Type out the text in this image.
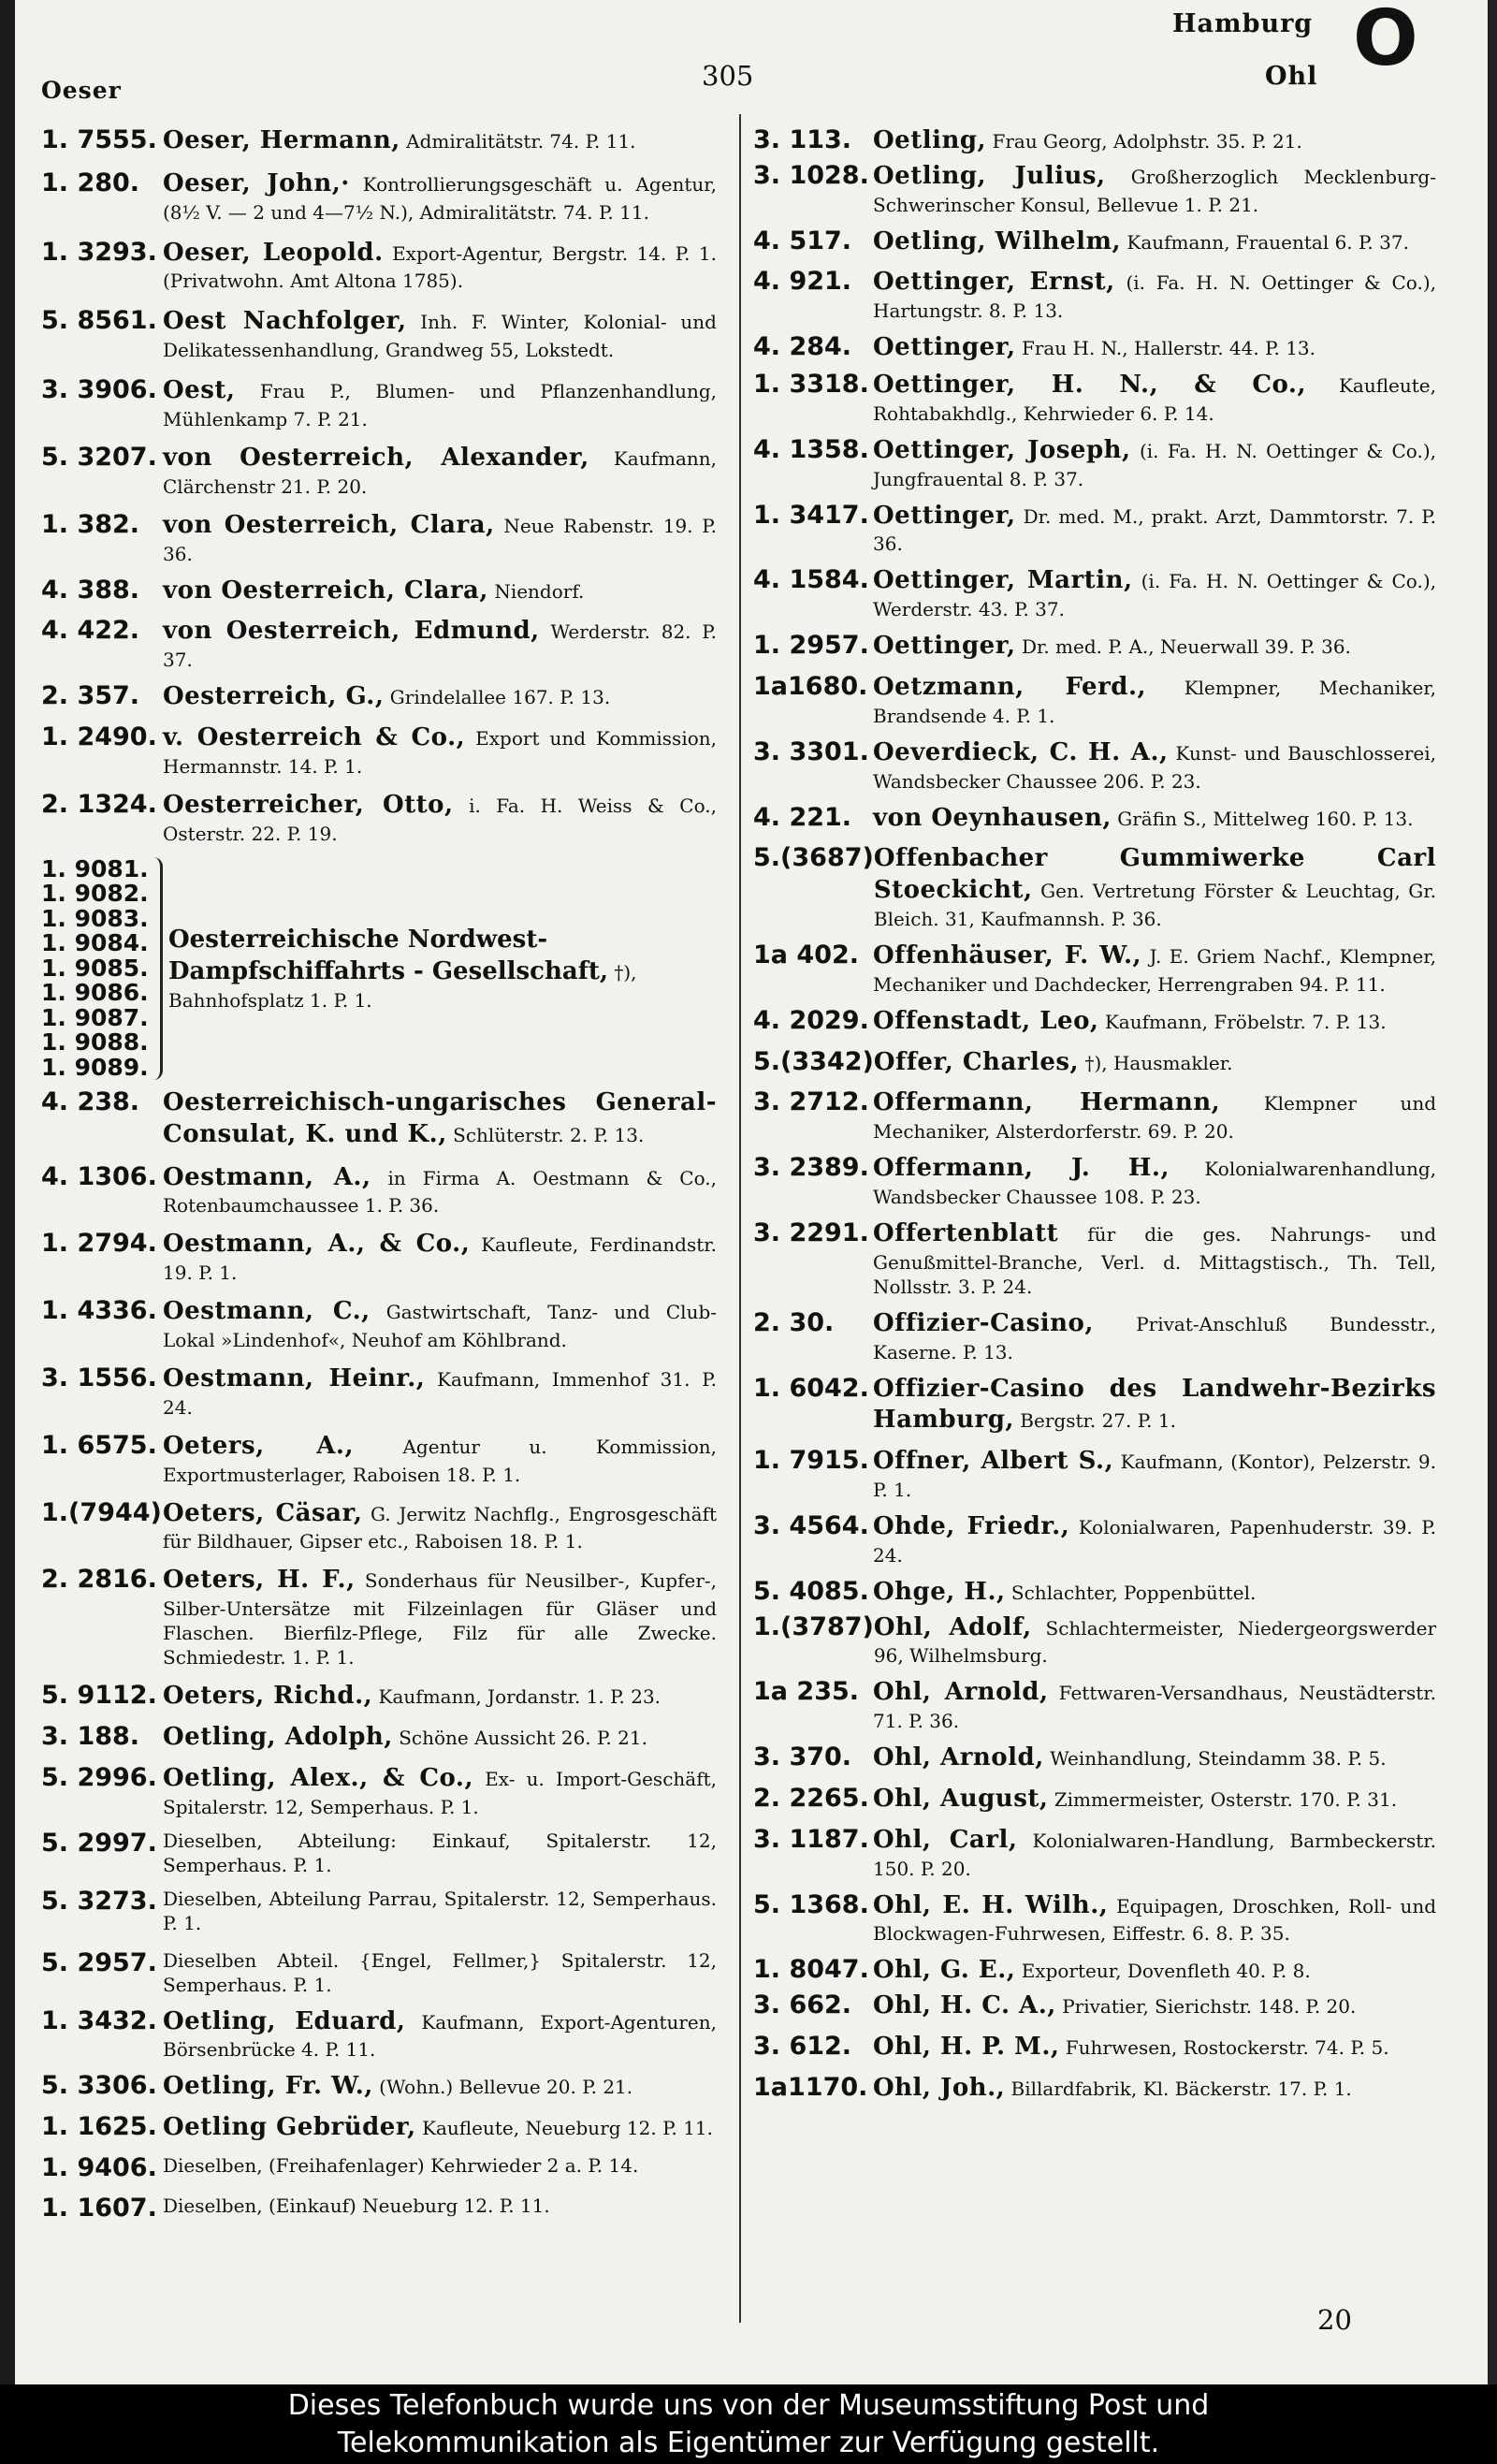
Oeser	305
Hamburg
Ohl O
1. 7555. Oeser, Hermann, Admiralitätstr. 74. P. 11.
1. 280. Oeser, John,· Kontrollierungsgeschäft u. Agentur, (8½ V. — 2 und 4—7½ N.), Admiralitätstr. 74. P. 11.
1. 3293. Oeser, Leopold. Export-Agentur, Bergstr. 14. P. 1. (Privatwohn. Amt Altona 1785).
5. 8561. Oest Nachfolger, Inh. F. Winter, Kolonial- und Delikatessenhandlung, Grandweg 55, Lokstedt.
3. 3906. Oest, Frau P., Blumen- und Pflanzenhandlung, Mühlenkamp 7. P. 21.
5. 3207. von Oesterreich, Alexander, Kaufmann, Clärchenstr 21. P. 20.
1. 382. von Oesterreich, Clara, Neue Rabenstr. 19. P. 36.
4. 388. von Oesterreich, Clara, Niendorf.
4. 422. von Oesterreich, Edmund, Werderstr. 82. P. 37.
2. 357. Oesterreich, G., Grindelallee 167. P. 13.
1. 2490. v. Oesterreich & Co., Export und Kommission, Hermannstr. 14. P. 1.
2. 1324. Oesterreicher, Otto, i. Fa. H. Weiss & Co., Osterstr. 22. P. 19.
1. 9081.
1. 9082.
1. 9083.
1. 9084.
1. 9085.
1. 9086.
1. 9087.
1. 9088.
1. 9089.
Oesterreichische Nordwest-Dampfschiffahrts - Gesellschaft, †), Bahnhofsplatz 1. P. 1.
4. 238. Oesterreichisch-ungarisches General-Consulat, K. und K., Schlüterstr. 2. P. 13.
4. 1306. Oestmann, A., in Firma A. Oestmann & Co., Rotenbaumchaussee 1. P. 36.
1. 2794. Oestmann, A., & Co., Kaufleute, Ferdinandstr. 19. P. 1.
1. 4336. Oestmann, C., Gastwirtschaft, Tanz- und Club-Lokal »Lindenhof«, Neuhof am Köhlbrand.
3. 1556. Oestmann, Heinr., Kaufmann, Immenhof 31. P. 24.
1. 6575. Oeters, A.,	Agentur u. Kommission, Exportmusterlager, Raboisen 18. P. 1.
1.(7944) Oeters, Cäsar, G. Jerwitz Nachflg., Engrosgeschäft für Bildhauer, Gipser etc., Raboisen 18. P. 1.
2. 2816. Oeters, H. F., Sonderhaus für Neusilber-, Kupfer-, Silber-Untersätze mit Filzeinlagen für Gläser und Flaschen. Bierfilz-Pflege, Filz für alle Zwecke. Schmiedestr. 1. P. 1.
5. 9112. Oeters, Richd., Kaufmann, Jordanstr. 1. P. 23.
3. 188. Oetling, Adolph, Schöne Aussicht 26. P. 21.
5. 2996. Oetling, Alex., & Co., Ex- u. Import-Geschäft, Spitalerstr. 12, Semperhaus. P. 1.
5. 2997. Dieselben, Abteilung: Einkauf, Spitalerstr. 12, Semperhaus. P. 1.
5. 3273. Dieselben, Abteilung Parrau, Spitalerstr. 12, Semperhaus. P. 1.
5. 2957. Dieselben Abteil. {Engel, Fellmer,} Spitalerstr. 12, Semperhaus. P. 1.
1. 3432. Oetling, Eduard, Kaufmann, Export-Agenturen, Börsenbrücke 4. P. 11.
5. 3306. Oetling, Fr. W., (Wohn.) Bellevue 20. P. 21.
1. 1625. Oetling Gebrüder, Kaufleute, Neueburg 12. P. 11.
1. 9406. Dieselben, (Freihafenlager) Kehrwieder 2 a. P. 14.
1. 1607. Dieselben, (Einkauf) Neueburg 12. P. 11.
3. 113. Oetling, Frau Georg, Adolphstr. 35. P. 21.
3. 1028. Oetling, Julius, Großherzoglich Mecklenburg-Schwerinscher Konsul, Bellevue 1. P. 21.
4. 517. Oetling, Wilhelm, Kaufmann, Frauental 6. P. 37.
4. 921. Oettinger, Ernst, (i. Fa. H. N. Oettinger & Co.), Hartungstr. 8. P. 13.
4. 284. Oettinger, Frau H. N., Hallerstr. 44. P. 13.
1. 3318. Oettinger, H. N., & Co., Kaufleute, Rohtabakhdlg., Kehrwieder 6. P. 14.
4. 1358. Oettinger, Joseph, (i. Fa. H. N. Oettinger & Co.), Jungfrauental 8. P. 37.
1. 3417. Oettinger, Dr. med. M., prakt. Arzt, Dammtorstr. 7. P. 36.
4. 1584. Oettinger, Martin, (i. Fa. H. N. Oettinger & Co.), Werderstr. 43. P. 37.
1. 2957. Oettinger, Dr. med. P. A., Neuerwall 39. P. 36.
1a1680. Oetzmann, Ferd., Klempner, Mechaniker, Brandsende 4. P. 1.
3. 3301. Oeverdieck, C. H. A., Kunst- und Bauschlosserei, Wandsbecker Chaussee 206. P. 23.
4. 221. von Oeynhausen, Gräfin S., Mittelweg 160. P. 13.
5.(3687) Offenbacher Gummiwerke Carl Stoeckicht, Gen. Vertretung Förster & Leuchtag, Gr. Bleich. 31, Kaufmannsh. P. 36.
1a 402. Offenhäuser, F. W., J. E. Griem Nachf., Klempner, Mechaniker und Dachdecker, Herrengraben 94. P. 11.
4. 2029. Offenstadt, Leo, Kaufmann, Fröbelstr. 7. P. 13.
5.(3342) Offer, Charles, †), Hausmakler.
3. 2712. Offermann, Hermann, Klempner und Mechaniker, Alsterdorferstr. 69. P. 20.
3. 2389. Offermann, J. H., Kolonialwarenhandlung, Wandsbecker Chaussee 108. P. 23.
3. 2291. Offertenblatt für die ges. Nahrungs- und Genußmittel-Branche, Verl. d. Mittagstisch., Th. Tell, Nollsstr. 3. P. 24.
2. 30.	Offizier-Casino, Privat-Anschluß Bundesstr., Kaserne. P. 13.
1. 6042. Offizier-Casino des Landwehr-Bezirks Hamburg, Bergstr. 27. P. 1.
1. 7915. Offner, Albert S., Kaufmann, (Kontor), Pelzerstr. 9. P. 1.
3. 4564. Ohde, Friedr., Kolonialwaren, Papenhuderstr. 39. P. 24.
5. 4085. Ohge, H., Schlachter, Poppenbüttel.
1.(3787) Ohl, Adolf, Schlachtermeister, Niedergeorgswerder 96, Wilhelmsburg.
1a 235. Ohl, Arnold, Fettwaren-Versandhaus, Neustädterstr. 71. P. 36.
3. 370. Ohl, Arnold, Weinhandlung, Steindamm 38. P. 5.
2. 2265. Ohl, August, Zimmermeister, Osterstr. 170. P. 31.
3. 1187. Ohl, Carl, Kolonialwaren-Handlung, Barmbeckerstr. 150. P. 20.
5. 1368. Ohl, E. H. Wilh., Equipagen, Droschken, Roll- und Blockwagen-Fuhrwesen, Eiffestr. 6. 8. P. 35.
1. 8047. Ohl, G. E., Exporteur, Dovenfleth 40. P. 8.
3. 662. Ohl, H. C. A., Privatier, Sierichstr. 148. P. 20.
3. 612. Ohl, H. P. M., Fuhrwesen, Rostockerstr. 74. P. 5.
1a1170. Ohl, Joh., Billardfabrik, Kl. Bäckerstr. 17. P. 1.
20
Dieses Telefonbuch wurde uns von der Museumsstiftung Post und
Telekommunikation als Eigentümer zur Verfügung gestellt.
